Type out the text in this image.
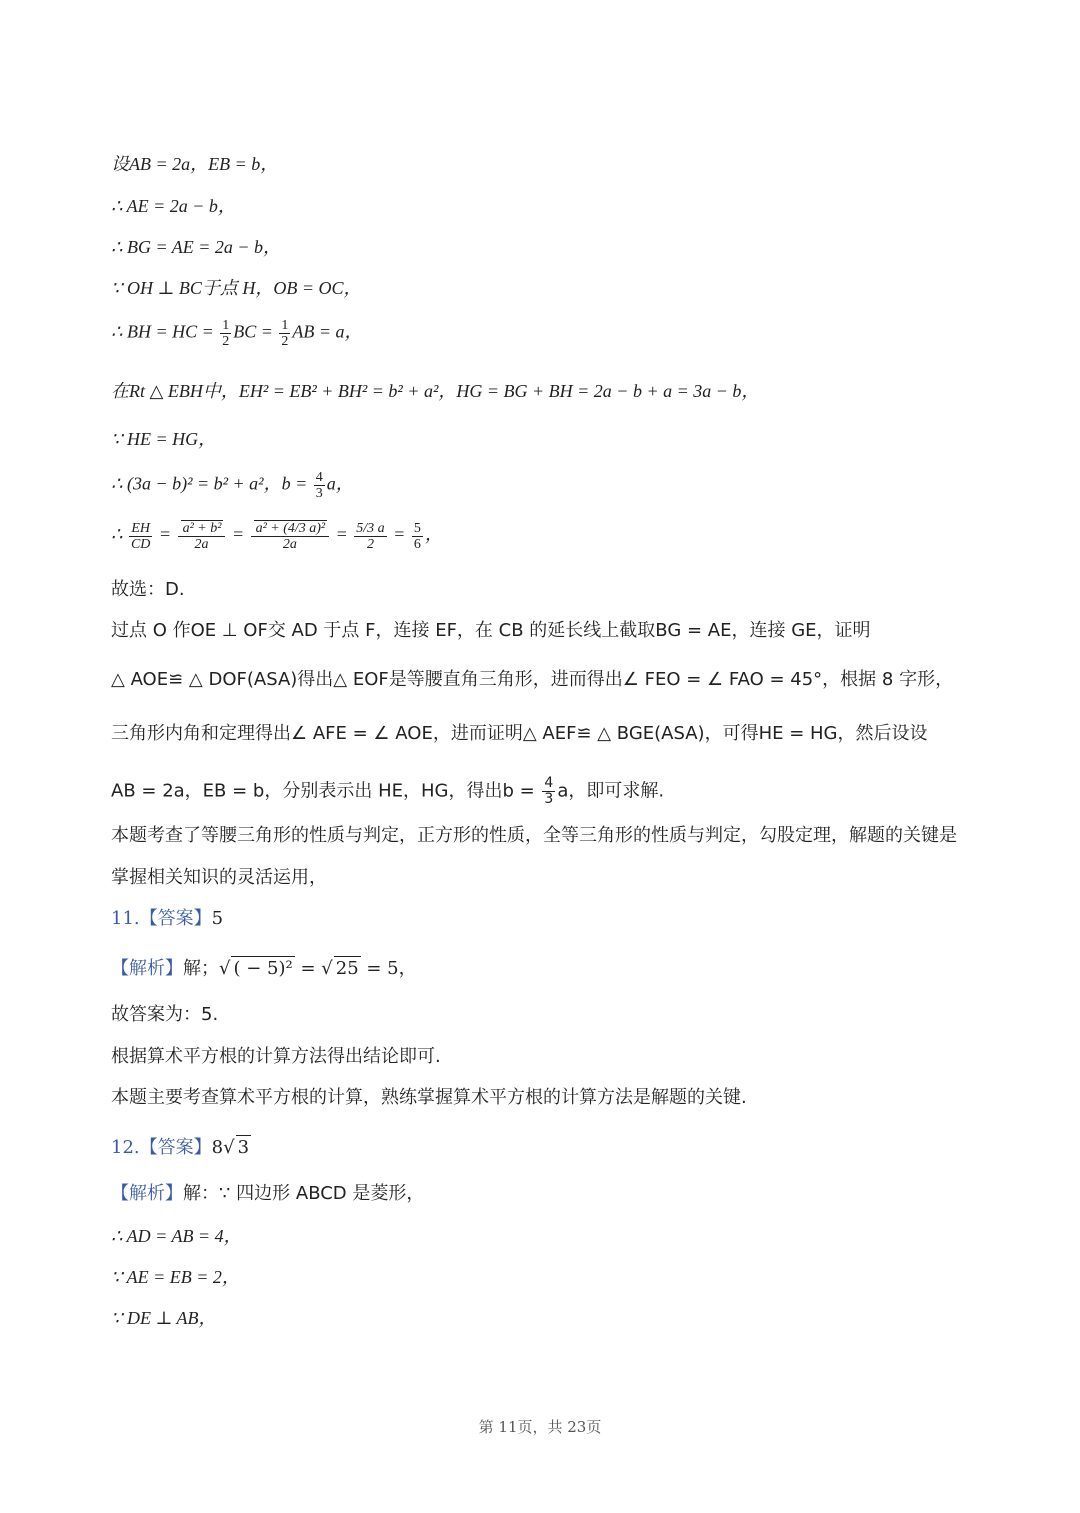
设AB = 2a，EB = b，
∴ AE = 2a − b，
∴ BG = AE = 2a − b，
∵ OH ⊥ BC于点 H，OB = OC，
∴ BH = HC = $\frac{1}{2}$ BC = $\frac{1}{2}$ AB = a，
在Rt △ EBH中，EH² = EB² + BH² = b² + a²，HG = BG + BH = 2a − b + a = 3a − b，
∵ HE = HG，
∴ (3a − b)² = b² + a²，$b = \frac{4}{3}$ a，
∴ $\frac{EH}{CD} = \frac{\text{a² + b²}}{2a} = \frac{\text{a² + (4/3 a)²}}{2a} = \frac{5/3 a}{2} = \frac{5}{6}$ ，
故选：D.
过点 O 作OE ⊥ OF交 AD 于点 F，连接 EF，在 CB 的延长线上截取BG = AE，连接 GE，证明
△ AOE≌ △ DOF(ASA)得出△ EOF是等腰直角三角形，进而得出∠ FEO = ∠ FAO = 45°，根据 8 字形，
三角形内角和定理得出∠ AFE = ∠ AOE，进而证明△ AEF≌ △ BGE(ASA)，可得HE = HG，然后设设
AB = 2a，EB = b，分别表示出 HE，HG，得出$b = \frac{4}{3}$ a，即可求解.
本题考查了等腰三角形的性质与判定，正方形的性质，全等三角形的性质与判定，勾股定理，解题的关键是
掌握相关知识的灵活运用，
11.【答案】5
【解析】解；√ ( − 5)² = √ 25 = 5，
故答案为：5.
根据算术平方根的计算方法得出结论即可.
本题主要考查算术平方根的计算，熟练掌握算术平方根的计算方法是解题的关键.
12.【答案】8√ 3
【解析】解：∵ 四边形 ABCD 是菱形，
∴ AD = AB = 4，
∵ AE = EB = 2，
∵ DE ⊥ AB，
第 11页，共 23页
